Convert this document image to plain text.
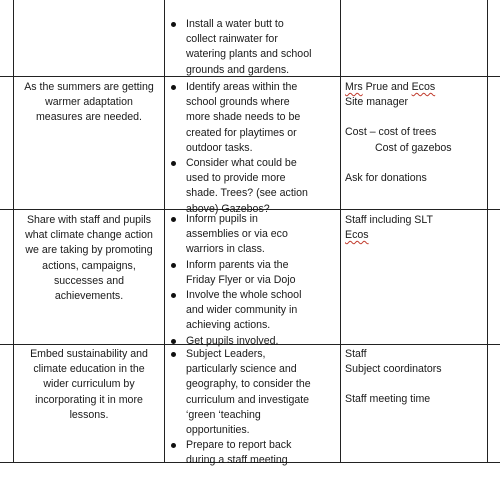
Install a water butt to
collect rainwater for
watering plants and school
grounds and gardens.
As the summers are getting
warmer adaptation
measures are needed.
Identify areas within the
school grounds where
more shade needs to be
created for playtimes or
outdoor tasks.
Consider what could be
used to provide more
shade. Trees? (see action
above) Gazebos?
Mrs Prue and Ecos
Site manager
Cost – cost of trees
Cost of gazebos
Ask for donations
Share with staff and pupils
what climate change action
we are taking by promoting
actions, campaigns,
successes and
achievements.
Inform pupils in
assemblies or via eco
warriors in class.
Inform parents via the
Friday Flyer or via Dojo
Involve the whole school
and wider community in
achieving actions.
Get pupils involved.
Staff including SLT
Ecos
Embed sustainability and
climate education in the
wider curriculum by
incorporating it in more
lessons.
Subject Leaders,
particularly science and
geography, to consider the
curriculum and investigate
‘green ‘teaching
opportunities.
Prepare to report back
during a staff meeting
Staff
Subject coordinators
Staff meeting time
